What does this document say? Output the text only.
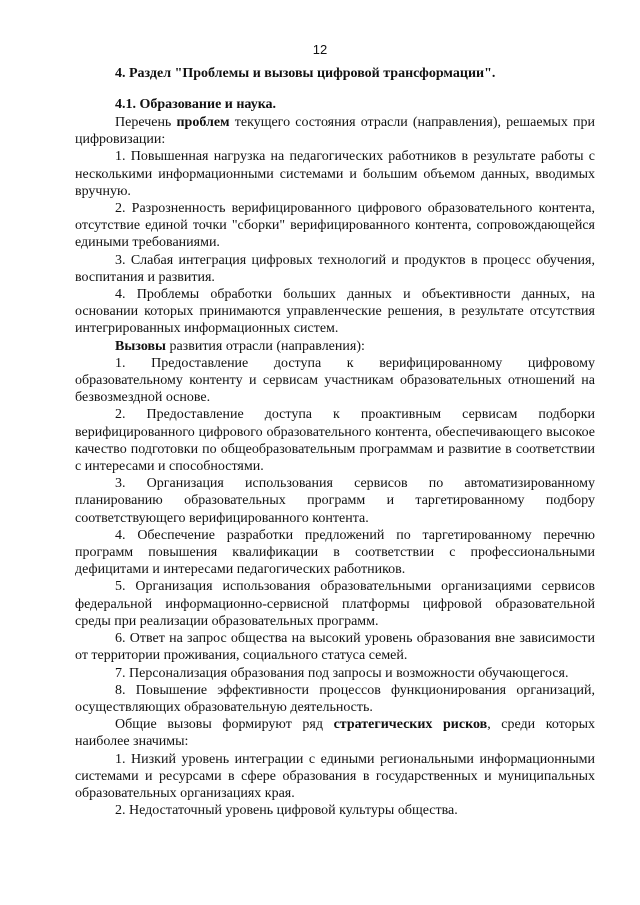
12

4. Раздел "Проблемы и вызовы цифровой трансформации".

4.1. Образование и наука.

Перечень проблем текущего состояния отрасли (направления), решаемых при цифровизации:

1. Повышенная нагрузка на педагогических работников в результате работы с несколькими информационными системами и большим объемом данных, вводимых вручную.

2. Разрозненность верифицированного цифрового образовательного контента, отсутствие единой точки "сборки" верифицированного контента, сопровождающейся едиными требованиями.

3. Слабая интеграция цифровых технологий и продуктов в процесс обучения, воспитания и развития.

4. Проблемы обработки больших данных и объективности данных, на основании которых принимаются управленческие решения, в результате отсутствия интегрированных информационных систем.

Вызовы развития отрасли (направления):

1. Предоставление доступа к верифицированному цифровому образовательному контенту и сервисам участникам образовательных отношений на безвозмездной основе.

2. Предоставление доступа к проактивным сервисам подборки верифицированного цифрового образовательного контента, обеспечивающего высокое качество подготовки по общеобразовательным программам и развитие в соответствии с интересами и способностями.

3. Организация использования сервисов по автоматизированному планированию образовательных программ и таргетированному подбору соответствующего верифицированного контента.

4. Обеспечение разработки предложений по таргетированному перечню программ повышения квалификации в соответствии с профессиональными дефицитами и интересами педагогических работников.

5. Организация использования образовательными организациями сервисов федеральной информационно-сервисной платформы цифровой образовательной среды при реализации образовательных программ.

6. Ответ на запрос общества на высокий уровень образования вне зависимости от территории проживания, социального статуса семей.

7. Персонализация образования под запросы и возможности обучающегося.

8. Повышение эффективности процессов функционирования организаций, осуществляющих образовательную деятельность.

Общие вызовы формируют ряд стратегических рисков, среди которых наиболее значимы:

1. Низкий уровень интеграции с едиными региональными информационными системами и ресурсами в сфере образования в государственных и муниципальных образовательных организациях края.

2. Недостаточный уровень цифровой культуры общества.
